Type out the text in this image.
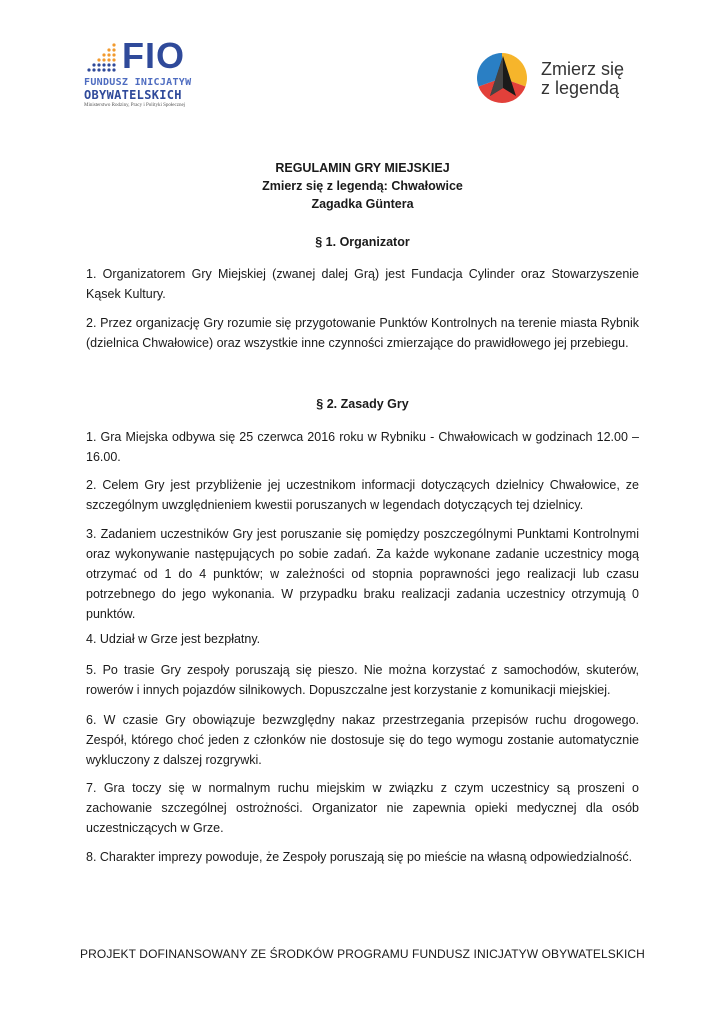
FIO
FUNDUSZ INICJATYW
OBYWATELSKICH
Ministerstwo Rodziny, Pracy i Polityki Społecznej
Zmierz się
z legendą
REGULAMIN GRY MIEJSKIEJ
Zmierz się z legendą: Chwałowice
Zagadka Güntera
§ 1. Organizator

1. Organizatorem Gry Miejskiej (zwanej dalej Grą) jest Fundacja Cylinder oraz Stowarzyszenie Kąsek Kultury.

2. Przez organizację Gry rozumie się przygotowanie Punktów Kontrolnych na terenie miasta Rybnik (dzielnica Chwałowice) oraz wszystkie inne czynności zmierzające do prawidłowego jej przebiegu.

§ 2. Zasady Gry

1. Gra Miejska odbywa się 25 czerwca 2016 roku w Rybniku - Chwałowicach w godzinach 12.00 – 16.00.

2. Celem Gry jest przybliżenie jej uczestnikom informacji dotyczących dzielnicy Chwałowice, ze szczególnym uwzględnieniem kwestii poruszanych w legendach dotyczących tej dzielnicy.

3. Zadaniem uczestników Gry jest poruszanie się pomiędzy poszczególnymi Punktami Kontrolnymi oraz wykonywanie następujących po sobie zadań. Za każde wykonane zadanie uczestnicy mogą otrzymać od 1 do 4 punktów; w zależności od stopnia poprawności jego realizacji lub czasu potrzebnego do jego wykonania. W przypadku braku realizacji zadania uczestnicy otrzymują 0 punktów.

4. Udział w Grze jest bezpłatny.

5. Po trasie Gry zespoły poruszają się pieszo. Nie można korzystać z samochodów, skuterów, rowerów i innych pojazdów silnikowych. Dopuszczalne jest korzystanie z komunikacji miejskiej.

6. W czasie Gry obowiązuje bezwzględny nakaz przestrzegania przepisów ruchu drogowego. Zespół, którego choć jeden z członków nie dostosuje się do tego wymogu zostanie automatycznie wykluczony z dalszej rozgrywki.

7. Gra toczy się w normalnym ruchu miejskim w związku z czym uczestnicy są proszeni o zachowanie szczególnej ostrożności. Organizator nie zapewnia opieki medycznej dla osób uczestniczących w Grze.

8. Charakter imprezy powoduje, że Zespoły poruszają się po mieście na własną odpowiedzialność.

PROJEKT DOFINANSOWANY ZE ŚRODKÓW PROGRAMU FUNDUSZ INICJATYW OBYWATELSKICH
